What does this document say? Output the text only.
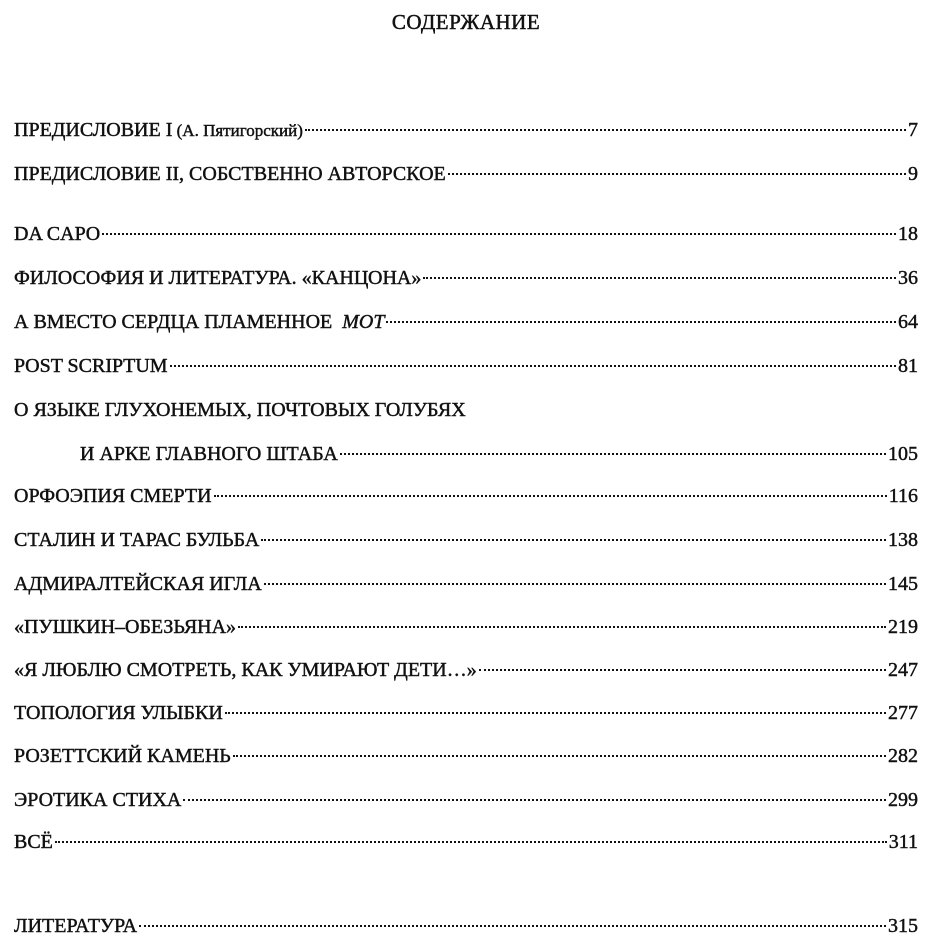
СОДЕРЖАНИЕ
ПРЕДИСЛОВИЕ I (А. Пятигорский)	7
ПРЕДИСЛОВИЕ II, СОБСТВЕННО АВТОРСКОЕ	9
DA CAPO	18
ФИЛОСОФИЯ И ЛИТЕРАТУРА. «КАНЦОНА»	36
А ВМЕСТО СЕРДЦА ПЛАМЕННОЕ  МОТ	64
POST SCRIPTUM	81
О ЯЗЫКЕ ГЛУХОНЕМЫХ, ПОЧТОВЫХ ГОЛУБЯХ
И АРКЕ ГЛАВНОГО ШТАБА	105
ОРФОЭПИЯ СМЕРТИ	116
СТАЛИН И ТАРАС БУЛЬБА	138
АДМИРАЛТЕЙСКАЯ ИГЛА	145
«ПУШКИН–ОБЕЗЬЯНА»	219
«Я ЛЮБЛЮ СМОТРЕТЬ, КАК УМИРАЮТ ДЕТИ…»	247
ТОПОЛОГИЯ УЛЫБКИ	277
РОЗЕТТСКИЙ КАМЕНЬ	282
ЭРОТИКА СТИХА	299
ВСЁ	311
ЛИТЕРАТУРА	315
